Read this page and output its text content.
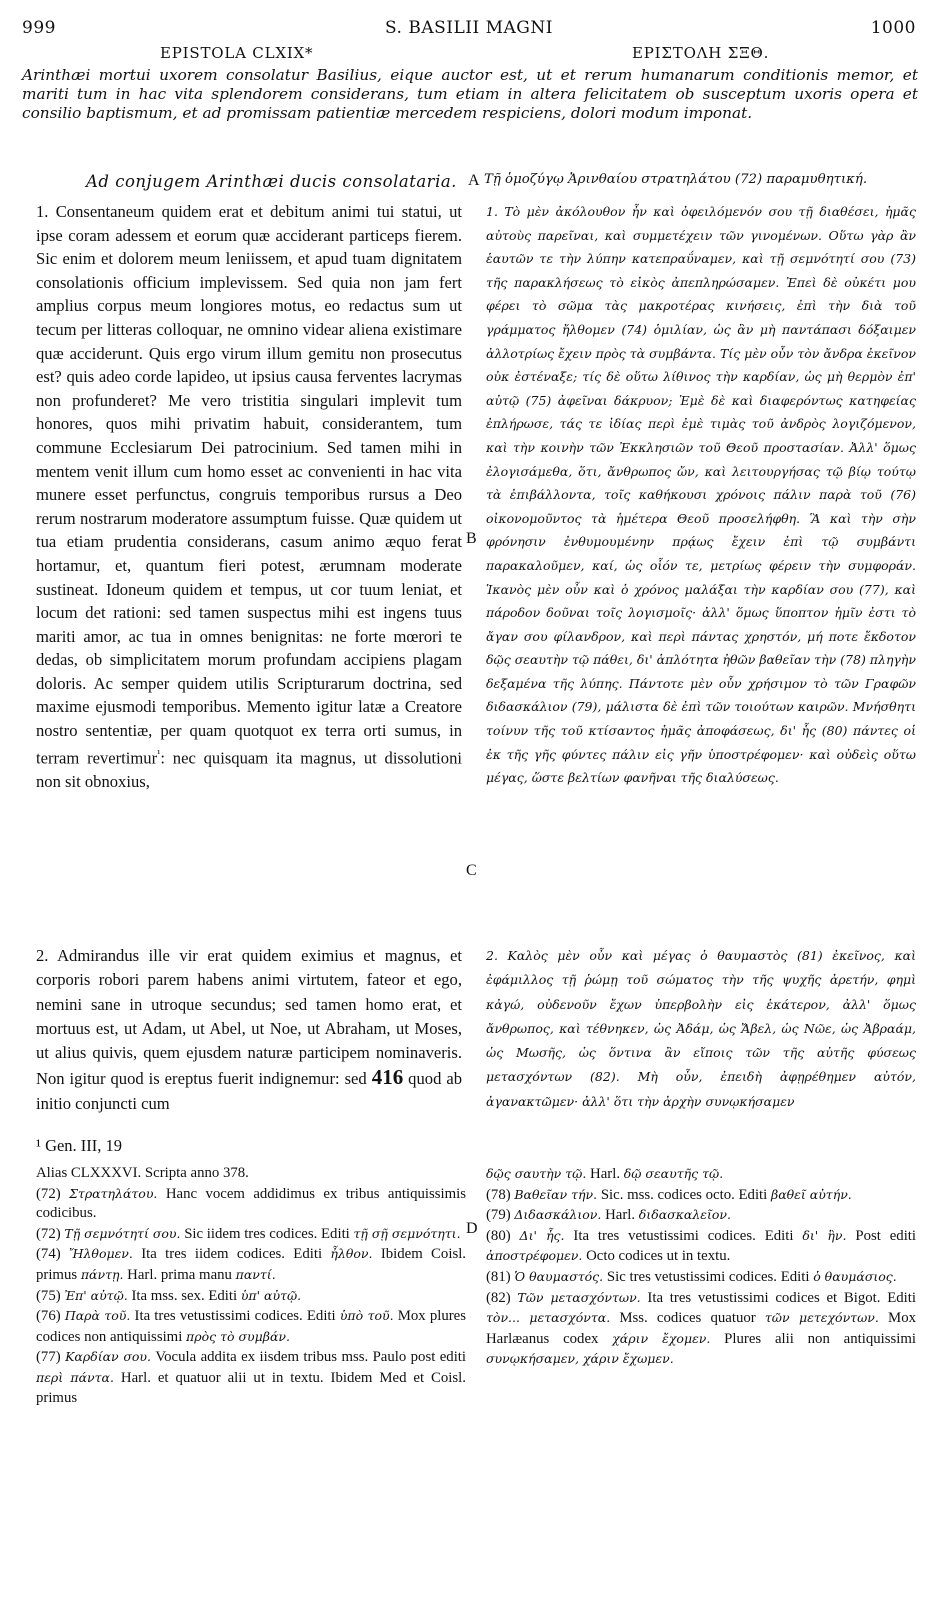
999	S. BASILII MAGNI	1000
EPISTOLA CLXIX*	ΕΡΙΣΤΟΛΗ ΣΞΘ.

Arinthæi mortui uxorem consolatur Basilius, eique auctor est, ut et rerum humanarum conditionis memor, et mariti tum in hac vita splendorem considerans, tum etiam in altera felicitatem ob susceptum uxoris opera et consilio baptismum, et ad promissam patientiæ mercedem respiciens, dolori modum imponat.

Ad conjugem Arinthæi ducis consolataria. A Τῇ ὁμοζύγῳ Ἀρινθαίου στρατηλάτου (72) παραμυθητική.

1. Consentaneum quidem erat et debitum animi tui statui, ut ipse coram adessem et eorum quæ acciderant particeps fierem. Sic enim et dolorem meum leniissem, et apud tuam dignitatem consolationis officium implevissem. Sed quia non jam fert amplius corpus meum longiores motus, eo redactus sum ut tecum per litteras colloquar, ne omnino videar aliena existimare quæ acciderunt. Quis ergo virum illum gemitu non prosecutus est? quis adeo corde lapideo, ut ipsius causa ferventes lacrymas non profunderet? Me vero tristitia singulari implevit tum honores, quos mihi privatim habuit, considerantem, tum commune Ecclesiarum Dei patrocinium. Sed tamen mihi in mentem venit illum cum homo esset ac convenienti in hac vita munere esset perfunctus, congruis temporibus rursus a Deo rerum nostrarum moderatore assumptum fuisse. Quæ quidem ut tua etiam prudentia considerans, casum animo æquo ferat hortamur, et, quantum fieri potest, ærumnam moderate sustineat. Idoneum quidem et tempus, ut cor tuum leniat, et locum det rationi: sed tamen suspectus mihi est ingens tuus mariti amor, ac tua in omnes benignitas: ne forte mœrori te dedas, ob simplicitatem morum profundam accipiens plagam doloris. Ac semper quidem utilis Scripturarum doctrina, sed maxime ejusmodi temporibus. Memento igitur latæ a Creatore nostro sententiæ, per quam quotquot ex terra orti sumus, in terram revertimur$^{^1}$: nec quisquam ita magnus, ut dissolutioni non sit obnoxius,

B
C

1. Τὸ μὲν ἀκόλουθον ἦν καὶ ὀφειλόμενόν σου τῇ διαθέσει, ἡμᾶς αὐτοὺς παρεῖναι, καὶ συμμετέχειν τῶν γινομένων. Οὕτω γὰρ ἂν ἑαυτῶν τε τὴν λύπην κατεπραΰναμεν, καὶ τῇ σεμνότητί σου (73) τῆς παρακλήσεως τὸ εἰκὸς ἀπεπληρώσαμεν. Ἐπεὶ δὲ οὐκέτι μου φέρει τὸ σῶμα τὰς μακροτέρας κινήσεις, ἐπὶ τὴν διὰ τοῦ γράμματος ἤλθομεν (74) ὁμιλίαν, ὡς ἂν μὴ παντάπασι δόξαιμεν ἀλλοτρίως ἔχειν πρὸς τὰ συμβάντα. Τίς μὲν οὖν τὸν ἄνδρα ἐκεῖνον οὐκ ἐστέναξε; τίς δὲ οὕτω λίθινος τὴν καρδίαν, ὡς μὴ θερμὸν ἐπ' αὐτῷ (75) ἀφεῖναι δάκρυον; Ἐμὲ δὲ καὶ διαφερόντως κατηφείας ἐπλήρωσε, τάς τε ἰδίας περὶ ἐμὲ τιμὰς τοῦ ἀνδρὸς λογιζόμενον, καὶ τὴν κοινὴν τῶν Ἐκκλησιῶν τοῦ Θεοῦ προστασίαν. Ἀλλ' ὅμως ἐλογισάμεθα, ὅτι, ἄνθρωπος ὤν, καὶ λειτουργήσας τῷ βίῳ τούτῳ τὰ ἐπιβάλλοντα, τοῖς καθήκουσι χρόνοις πάλιν παρὰ τοῦ (76) οἰκονομοῦντος τὰ ἡμέτερα Θεοῦ προσελήφθη. Ἃ καὶ τὴν σὴν φρόνησιν ἐνθυμουμένην πρᾴως ἔχειν ἐπὶ τῷ συμβάντι παρακαλοῦμεν, καί, ὡς οἷόν τε, μετρίως φέρειν τὴν συμφοράν. Ἱκανὸς μὲν οὖν καὶ ὁ χρόνος μαλάξαι τὴν καρδίαν σου (77), καὶ πάροδον δοῦναι τοῖς λογισμοῖς· ἀλλ' ὅμως ὕποπτον ἡμῖν ἐστι τὸ ἄγαν σου φίλανδρον, καὶ περὶ πάντας χρηστόν, μή ποτε ἔκδοτον δῷς σεαυτὴν τῷ πάθει, δι' ἁπλότητα ἠθῶν βαθεῖαν τὴν (78) πληγὴν δεξαμένα τῆς λύπης. Πάντοτε μὲν οὖν χρήσιμον τὸ τῶν Γραφῶν διδασκάλιον (79), μάλιστα δὲ ἐπὶ τῶν τοιούτων καιρῶν. Μνήσθητι τοίνυν τῆς τοῦ κτίσαντος ἡμᾶς ἀποφάσεως, δι' ἧς (80) πάντες οἱ ἐκ τῆς γῆς φύντες πάλιν εἰς γῆν ὑποστρέφομεν· καὶ οὐδεὶς οὕτω μέγας, ὥστε βελτίων φανῆναι τῆς διαλύσεως.

2. Admirandus ille vir erat quidem eximius et magnus, et corporis robori parem habens animi virtutem, fateor et ego, nemini sane in utroque secundus; sed tamen homo erat, et mortuus est, ut Adam, ut Abel, ut Noe, ut Abraham, ut Moses, ut alius quivis, quem ejusdem naturæ participem nominaveris. Non igitur quod is ereptus fuerit indignemur: sed 416 quod ab initio conjuncti cum

2. Καλὸς μὲν οὖν καὶ μέγας ὁ θαυμαστὸς (81) ἐκεῖνος, καὶ ἐφάμιλλος τῇ ῥώμῃ τοῦ σώματος τὴν τῆς ψυχῆς ἀρετήν, φημὶ κἀγώ, οὐδενοῦν ἔχων ὑπερβολὴν εἰς ἑκάτερον, ἀλλ' ὅμως ἄνθρωπος, καὶ τέθνηκεν, ὡς Ἀδάμ, ὡς Ἄβελ, ὡς Νῶε, ὡς Ἀβραάμ, ὡς Μωσῆς, ὡς ὅντινα ἂν εἴποις τῶν τῆς αὐτῆς φύσεως μετασχόντων (82). Μὴ οὖν, ἐπειδὴ ἀφῃρέθημεν αὐτόν, ἀγανακτῶμεν· ἀλλ' ὅτι τὴν ἀρχὴν συνῳκήσαμεν

¹ Gen. III, 19
D
Alias CLXXXVI. Scripta anno 378.
(72) Στρατηλάτου. Hanc vocem addidimus ex tribus antiquissimis codicibus.
(72) Τῇ σεμνότητί σου. Sic iidem tres codices. Editi τῇ σῇ σεμνότητι.
(74) Ἤλθομεν. Ita tres iidem codices. Editi ἦλθον. Ibidem Coisl. primus πάντῃ. Harl. prima manu παντί.
(75) Ἐπ' αὐτῷ. Ita mss. sex. Editi ὑπ' αὐτῷ.
(76) Παρὰ τοῦ. Ita tres vetustissimi codices. Editi ὑπὸ τοῦ. Mox plures codices non antiquissimi πρὸς τὸ συμβάν.
(77) Καρδίαν σου. Vocula addita ex iisdem tribus mss. Paulo post editi περὶ πάντα. Harl. et quatuor alii ut in textu. Ibidem Med et Coisl. primus
δῷς σαυτὴν τῷ. Harl. δῷ σεαυτῆς τῷ.
(78) Βαθεῖαν τήν. Sic. mss. codices octo. Editi βαθεῖ αὐτήν.
(79) Διδασκάλιον. Harl. διδασκαλεῖον.
(80) Δι' ἧς. Ita tres vetustissimi codices. Editi δι' ἣν. Post editi ἀποστρέφομεν. Octo codices ut in textu.
(81) Ὁ θαυμαστός. Sic tres vetustissimi codices. Editi ὁ θαυμάσιος.
(82) Τῶν μετασχόντων. Ita tres vetustissimi codices et Bigot. Editi τὸν... μετασχόντα. Mss. codices quatuor τῶν μετεχόντων. Mox Harlæanus codex χάριν ἔχομεν. Plures alii non antiquissimi συνῳκήσαμεν, χάριν ἔχωμεν.
